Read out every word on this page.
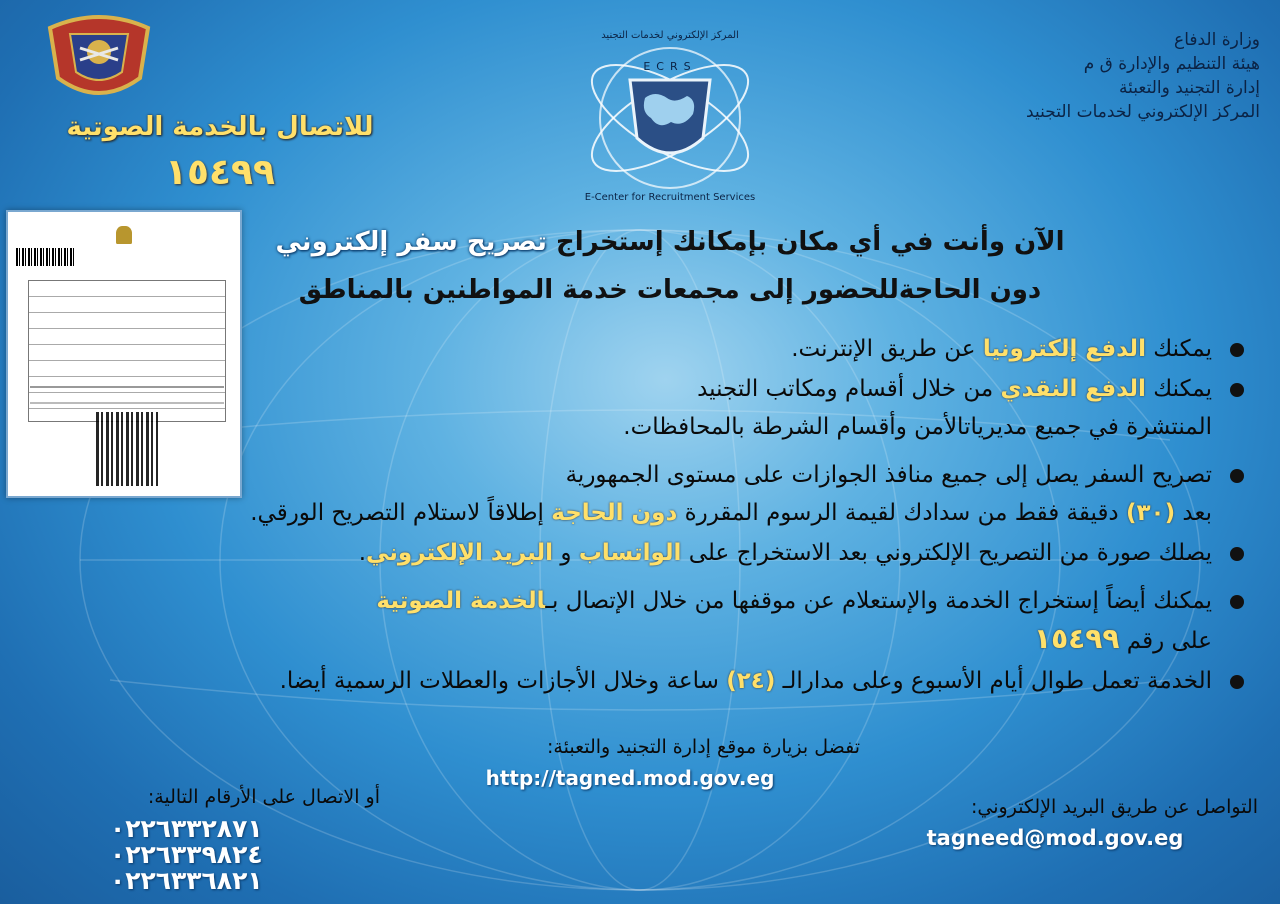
ECRS
المركز الإلكتروني لخدمات التجنيد
E-Center for Recruitment Services
وزارة الدفاع
هيئة التنظيم والإدارة ق م
إدارة التجنيد والتعبئة
المركز الإلكتروني لخدمات التجنيد
للاتصال بالخدمة الصوتية
١٥٤٩٩
الآن وأنت في أي مكان بإمكانك إستخراج تصريح سفر إلكتروني
دون الحاجةللحضور إلى مجمعات خدمة المواطنين بالمناطق
يمكنك الدفع إلكترونيا عن طريق الإنترنت.
يمكنك الدفع النقدي من خلال أقسام ومكاتب التجنيد
المنتشرة في جميع مديرياتالأمن وأقسام الشرطة بالمحافظات.
تصريح السفر يصل إلى جميع منافذ الجوازات على مستوى الجمهورية
بعد (٣٠) دقيقة فقط من سدادك لقيمة الرسوم المقررة دون الحاجة إطلاقاً لاستلام التصريح الورقي.
يصلك صورة من التصريح الإلكتروني بعد الاستخراج على الواتساب و البريد الإلكتروني.
يمكنك أيضاً إستخراج الخدمة والإستعلام عن موقفها من خلال الإتصال بـالخدمة الصوتية
على رقم ١٥٤٩٩
الخدمة تعمل طوال أيام الأسبوع وعلى مدارالـ (٢٤) ساعة وخلال الأجازات والعطلات الرسمية أيضا.
تفضل بزيارة موقع إدارة التجنيد والتعبئة:
http://tagned.mod.gov.eg
أو الاتصال على الأرقام التالية:
٠٢٢٦٣٣٢٨٧١
٠٢٢٦٣٣٩٨٢٤
٠٢٢٦٣٣٦٨٢١
التواصل عن طريق البريد الإلكتروني:
tagneed@mod.gov.eg
